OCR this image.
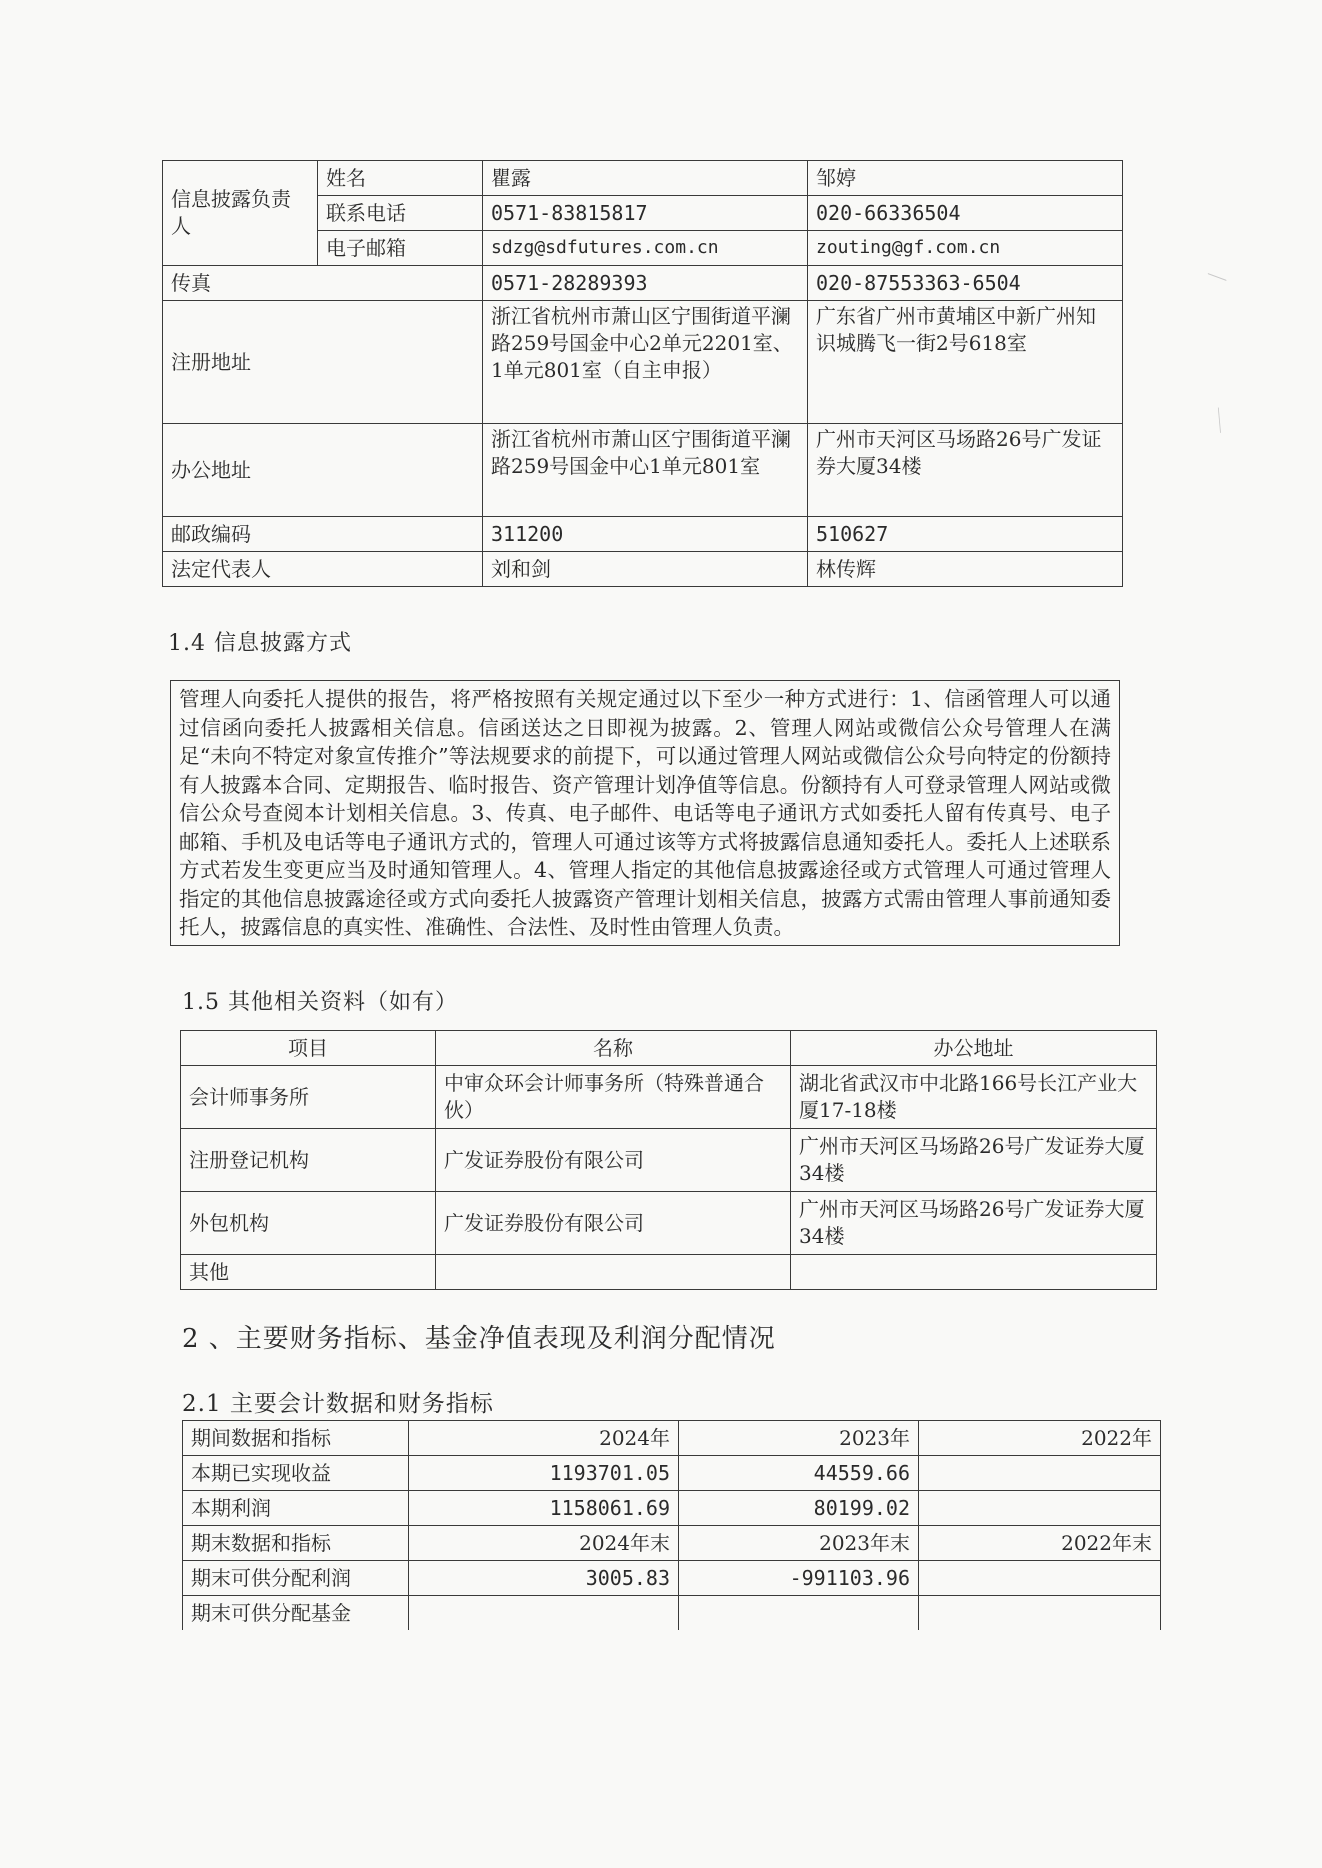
⟋
＼
信息披露负责人	姓名	瞿露	邹婷
	联系电话	0571-83815817	020-66336504
	电子邮箱	sdzg@sdfutures.com.cn	zouting@gf.com.cn
传真		0571-28289393	020-87553363-6504
注册地址		浙江省杭州市萧山区宁围街道平澜路259号国金中心2单元2201室、1单元801室（自主申报）	广东省广州市黄埔区中新广州知识城腾飞一街2号618室
办公地址		浙江省杭州市萧山区宁围街道平澜路259号国金中心1单元801室	广州市天河区马场路26号广发证券大厦34楼
邮政编码		311200	510627
法定代表人		刘和剑	林传辉
1.4 信息披露方式
管理人向委托人提供的报告，将严格按照有关规定通过以下至少一种方式进行：1、信函管理人可以通过信函向委托人披露相关信息。信函送达之日即视为披露。2、管理人网站或微信公众号管理人在满足“未向不特定对象宣传推介”等法规要求的前提下，可以通过管理人网站或微信公众号向特定的份额持有人披露本合同、定期报告、临时报告、资产管理计划净值等信息。份额持有人可登录管理人网站或微信公众号查阅本计划相关信息。3、传真、电子邮件、电话等电子通讯方式如委托人留有传真号、电子邮箱、手机及电话等电子通讯方式的，管理人可通过该等方式将披露信息通知委托人。委托人上述联系方式若发生变更应当及时通知管理人。4、管理人指定的其他信息披露途径或方式管理人可通过管理人指定的其他信息披露途径或方式向委托人披露资产管理计划相关信息，披露方式需由管理人事前通知委托人，披露信息的真实性、准确性、合法性、及时性由管理人负责。
1.5 其他相关资料（如有）
项目	名称	办公地址
会计师事务所	中审众环会计师事务所（特殊普通合伙）	湖北省武汉市中北路166号长江产业大厦17-18楼
注册登记机构	广发证券股份有限公司	广州市天河区马场路26号广发证券大厦34楼
外包机构	广发证券股份有限公司	广州市天河区马场路26号广发证券大厦34楼
其他		
2 、主要财务指标、基金净值表现及利润分配情况
2.1 主要会计数据和财务指标
期间数据和指标	2024年	2023年	2022年
本期已实现收益	1193701.05	44559.66	
本期利润	1158061.69	80199.02	
期末数据和指标	2024年末	2023年末	2022年末
期末可供分配利润	3005.83	-991103.96	
期末可供分配基金			
